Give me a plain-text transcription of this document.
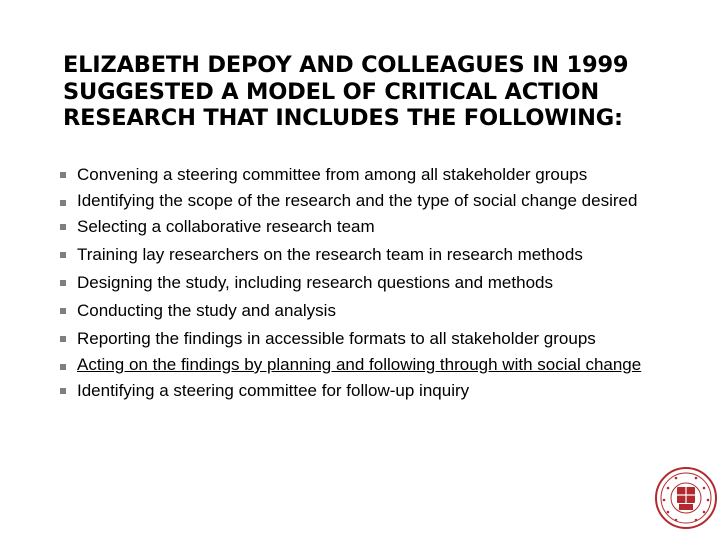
ELIZABETH DEPOY AND COLLEAGUES IN 1999
SUGGESTED A MODEL OF CRITICAL ACTION
RESEARCH THAT INCLUDES THE FOLLOWING:
Convening a steering committee from among all stakeholder groups
Identifying the scope of the research and the type of social change desired
Selecting a collaborative research team
Training lay researchers on the research team in research methods
Designing the study, including research questions and methods
Conducting the study and analysis
Reporting the findings in accessible formats to all stakeholder groups
Acting on the findings by planning and following through with social change
Identifying a steering committee for follow-up inquiry
